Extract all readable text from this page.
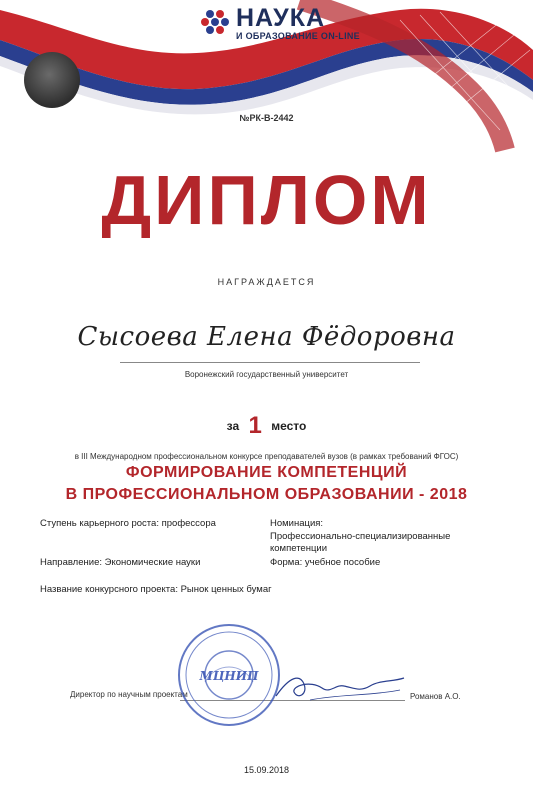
НАУКА
И ОБРАЗОВАНИЕ ON-LINE
№РК-В-2442
ДИПЛОМ
НАГРАЖДАЕТСЯ
Сысоева Елена Фёдоровна
Воронежский государственный университет
за 1 место
в III Международном профессиональном конкурсе преподавателей вузов (в рамках требований ФГОС)
ФОРМИРОВАНИЕ КОМПЕТЕНЦИЙ
В ПРОФЕССИОНАЛЬНОМ ОБРАЗОВАНИИ - 2018
Ступень карьерного роста: профессора	Номинация:
Профессионально-специализированные компетенции
Направление: Экономические науки	Форма: учебное пособие
Название конкурсного проекта: Рынок ценных бумаг
Директор по научным проектам
МЦНИП
Романов А.О.
15.09.2018
